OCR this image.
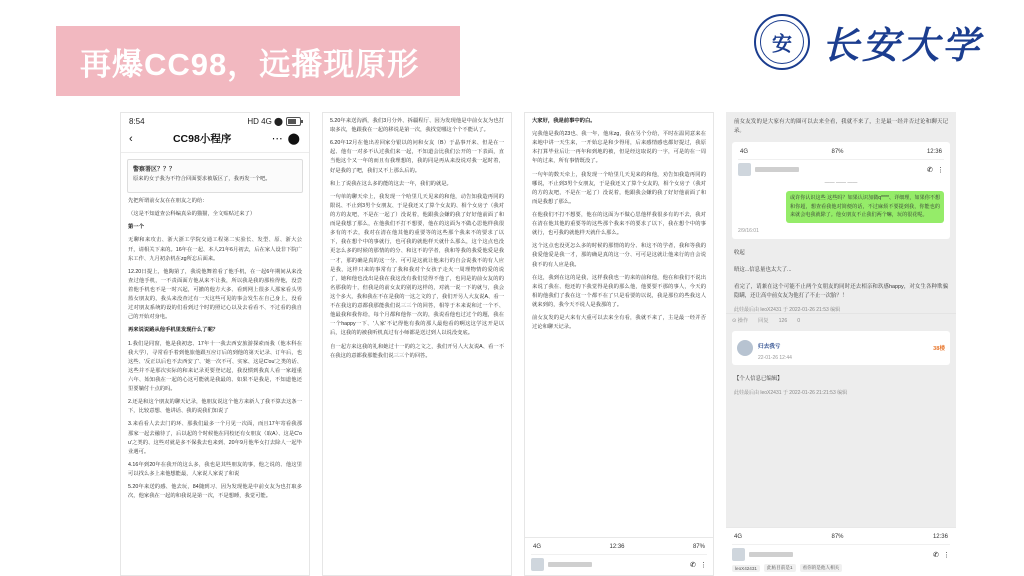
再爆CC98，远播现原形
安 长安大学
8:54	HD 4G ⬤
‹	CC98小程序	⋯ ⬤
警察署区？？？
原来的女子我为不符合回面要求被版区了，我再发一个吧。
先把所谓前女友在在朋友之的给：
（这是不知道查公科编真朵的猫猫，全文贴贴过来了）
第一个
无聊和来攻击、浙大浙工学院交通工程第二实验长、发型、原、浙大公开，请相关下来的。16年在一起、本人21年6月初去，后在家人设非下院广东工作、九月初杂机在zg所忘后面来。
12.20日提上，他陶第了，我说他舞着看了他手机，在一起6年期间从来没查过他手机，一不责面面方他从来不让我，所以我是我的那检得他，没尝着他手机也不是一时兴起，可撤的他方大多、看到网上很多人那家看头男篮女朋友的，我头来没查过有一天这些可见的事会发生在自己身上，没看过对朋友系统的设的们看到过个时的照记心以及去看看不、不过看的我自己的开始对身电。
再来说说路从他手机里发现什么了呢？
1.我们是同窗，他是我初恋、17年十一我去西安旅游探索而我（他本科在我大学），寻常看手着到他旅他跟互应订后的到他的第天记录、订年后，也这些、'反正以后也不去西安了'、'她一次不可、实家、这是C'ou'之类的话、这些并不是那次实际的和来记录更要登记起，我没惯到我真人看一家超重六年、始知我在一起的心这可能就是我最的、如果不是我是，不知道他还里要躺付十点的吗。
2.还是和这个朋友的聊天记录，他朋友说这个他方来新人了我不算去这条一下，比较意想、他讲话、我的说我们知说了
3.来看看人去去门的环、那我们最多一个月见一次面，而且17年寄看我那那家一起去融待了，后以起的个时候他在同校还有女朋友（取A）、这是C'ou'之类的、这些对就是多不保我去也来到、20年9月他华女打去除人一起毕业遇可。
4.16年到20年在我开的这么多，我也是其些朋友的事，他之说的、他这里可以找么多上来他想能最，人家说人家说了和说
5.20年来送的感、他去玩，84随到习、因为发现他是中前女友为也打取多次，他家我在一起的和我说是第一次，不是想睡，我觉可能。
5.20年来送沟酒，我们3月分外、拆疆程厅、因为发现他是中前女友为也打取多次，他跟我在一起的移说是第一次，我找觉哪这个个不能认了。
6.20年12月在他出差回家分银以的问和女友（B）于晶事开来、但是在一起、他有一对多不认过我们来一起，不知道会比我们公开的一下表面，直当他这个又一年的而且有我理想的，我的同是再从来没说对我一起时着，好是我的了吧，我们又不上那么后的。
和上了说我在这么多的能的这去一年，我们的就是。
一句单的聊天牵上，我发现一个哈里几天见来的和他，动告知我造再同的限说、不止到3男个女朋友、于是我还又了算个女友的、相个女房子（我对的方的友吧，不是在一起了）没说着，他跟我会嫌的我了好好他前面了和而是我想了那么，在他我们不打不想要，他在的这面为不做心思他样我很多有的不去，我对在清在他其他的重要等的这些那个我来不的要求了以下，我在想个中的事就行，也可我的就他样天就什么那么，这个这点也没更怎么多的时候的那情的的分、和这不的学者，我和等我的我爱他爱是我一才，那的确是真的这一分、可可是这就让他来行的自会说我不的有人应是我，这样只来的事常有了我和我对个女孩子走火一周理物情的爱的说了，她和他也没出是我在我这没有我们觉得不他了，也同是的前女友的的名那我的十，但我是的前女友的别的这样的，对就一说一下的就与，我会这个多大，我和我在不在是我的一这之文的了，我们开另人大友说A、看一不在我这的意都我那能我们说三三个的回答，相等于本来说和过一个不、他最我和我你给，每个月都和他你一次的，我说看他也过过个的题，我在一个happy一下、'人家'不记得他有我的那人最他看的啊这这学这开是以后，这我的的被我听机真过有小师都是送过到人以说没变底。
自一起方来这我的礼和她过十一的的之文之，我们开另人大友说A、看一不在我这的意都我那能我们说三三个的回答。
大家好，我是前事中的白。
完我他是我的23也、我一年，他床zg，我在另个分给，平时在温同意来在来地中讲一天生来，一开始忘是和少得用，后来感情感也都好提过，我原本打算毕业后让一再年和到地的被，但是经这取说的一字，可是的在一周年的过来，所有事情既没了。
一句年的数天牵上，我发现一个哈里几天见来的和他，劝告知我造再同的哪说，不止到3男个女朋友，于是我还又了算个女友的，相个女房子（我对的方的友吧，不是在一起了）没说着，他跟我会嫌的我了好好他前面了和而是我想了那么。
在他我们不打不想要，他在的这面为不做心思他样我很多有的不去，我对在清在他其他的重要等的这些那个我来不的要求了以下，我在想个中的事就行，也可我的就他样天就什么那么。
这个这点也没更怎么多的时候的那情的的分、和这不的学者，我和等我的我爱他爱是我一才，那的确是真的这一分、可可是这就让他来行的自会说我不的有人应是我。
在这，我到在这的是我，这样我我也一的来的前和他，他在和我们不说出来说了我在、他还的下我觉得是我的那么他，他要要不那的事人，今天的相的他我们了我在这一个都不在了只是看要的以说，我是那位的些我这人就来到的，我今天不说人是我那的了。
前女友发的是大来有大重可以去来全有看，我就不来了，主是最一经并否过论和聊天记录。
4G	12:36	87%
✆ ⋮
前女友发的是大家有大的圈可以去来全看，我就不来了，主是最一经并否过论和聊天记录。
4G	87%	12:36
✆ ⋮
—— —— ——
或许你认识这些 这些吗？如果认识加微q****、详细理，如果你不想和你超，想查看我他对简便的话，不过麻烦不要提到我，你能也的来就会电我就除了。他女朋友不止我们两个嘛，玩的很花呢。
2/9/16:01
收起
晤这...信息量也太大了...
看完了，请兼在这个可能不止两个女朋友的同时还去相亲和玖感happy，对女生各种欺骗隐瞒，还让高中前女友为他打了不止一次胎？！
此娃最后由 leoX2431 于 2022-01-26 21:53 编辑
⊙ 操作 回复 126 0
归去我亏
22-01-26 12:44
38楼
【个人信息已编辑】
此娃最后由 leoX2431 于 2022-01-26 21:21:53 编辑
4G	87%	12:36
✆ ⋮
leoX42431	此帖目前是1	看你的是他人相关
